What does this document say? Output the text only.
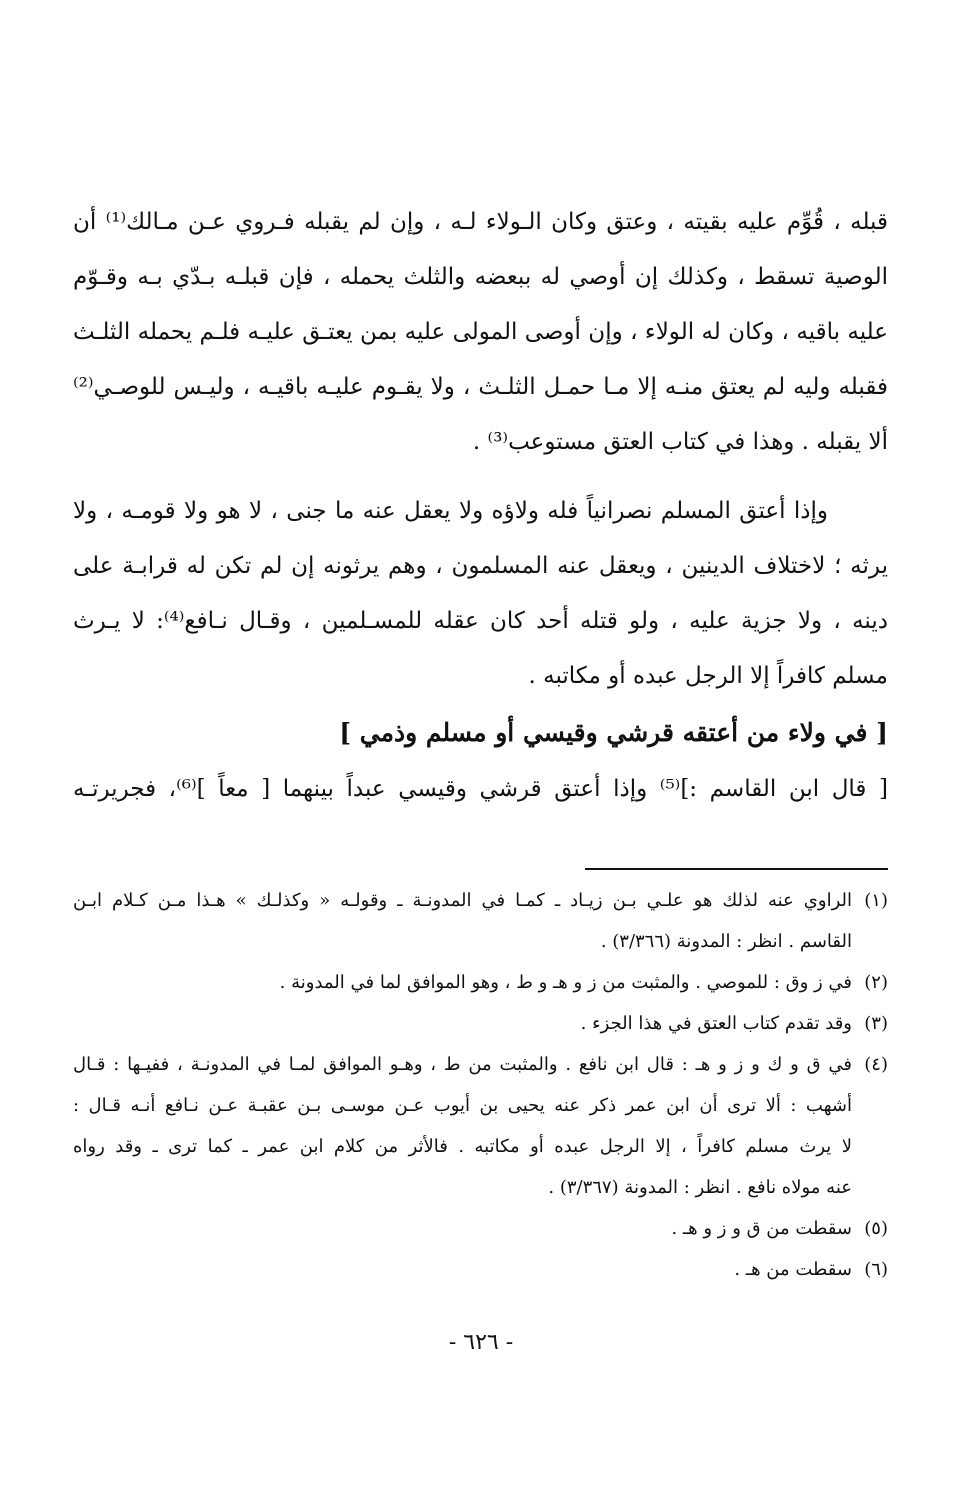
قبله ، قُوِّم عليه بقيته ، وعتق وكان الـولاء لـه ، وإن لم يقبله فـروي عـن مـالك⁽¹⁾ أن
الوصية تسقط ، وكذلك إن أوصي له ببعضه والثلث يحمله ، فإن قبلـه بـدّي بـه وقـوّم
عليه باقيه ، وكان له الولاء ، وإن أوصى المولى عليه بمن يعتـق عليـه فلـم يحمله الثلـث
فقبله وليه لم يعتق منـه إلا مـا حمـل الثلـث ، ولا يقـوم عليـه باقيـه ، وليـس للوصـي⁽²⁾
ألا يقبله . وهذا في كتاب العتق مستوعب⁽³⁾ .
وإذا أعتق المسلم نصرانياً فله ولاؤه ولا يعقل عنه ما جنى ، لا هو ولا قومـه ، ولا
يرثه ؛ لاختلاف الدينين ، ويعقل عنه المسلمون ، وهم يرثونه إن لم تكن له قرابـة على
دينه ، ولا جزية عليه ، ولو قتله أحد كان عقله للمسـلمين ، وقـال نـافع⁽⁴⁾: لا يـرث
مسلم كافراً إلا الرجل عبده أو مكاتبه .
[ في ولاء من أعتقه قرشي وقيسي أو مسلم وذمي ]
[ قال ابن القاسم :]⁽⁵⁾ وإذا أعتق قرشي وقيسي عبداً بينهما [ معاً ]⁽⁶⁾، فجريرتـه
(١)
الراوي عنه لذلك هو علـي بـن زيـاد ـ كمـا في المدونـة ـ وقولـه « وكذلـك » هـذا مـن كـلام ابـن
القاسم . انظر : المدونة (٣/٣٦٦) .
(٢)
في ز وق : للموصي . والمثبت من ز و هـ و ط ، وهو الموافق لما في المدونة .
(٣)
وقد تقدم كتاب العتق في هذا الجزء .
(٤)
في ق و ك و ز و هـ : قال ابن نافع . والمثبت من ط ، وهـو الموافق لمـا في المدونـة ، ففيـها : قـال
أشهب : ألا ترى أن ابن عمر ذكر عنه يحيى بن أيوب عـن موسـى بـن عقبـة عـن نـافع أنـه قـال :
لا يرث مسلم كافراً ، إلا الرجل عبده أو مكاتبه . فالأثر من كلام ابن عمر ـ كما ترى ـ وقد رواه
عنه مولاه نافع . انظر : المدونة (٣/٣٦٧) .
(٥)
سقطت من ق و ز و هـ .
(٦)
سقطت من هـ .
- ٦٢٦ -
